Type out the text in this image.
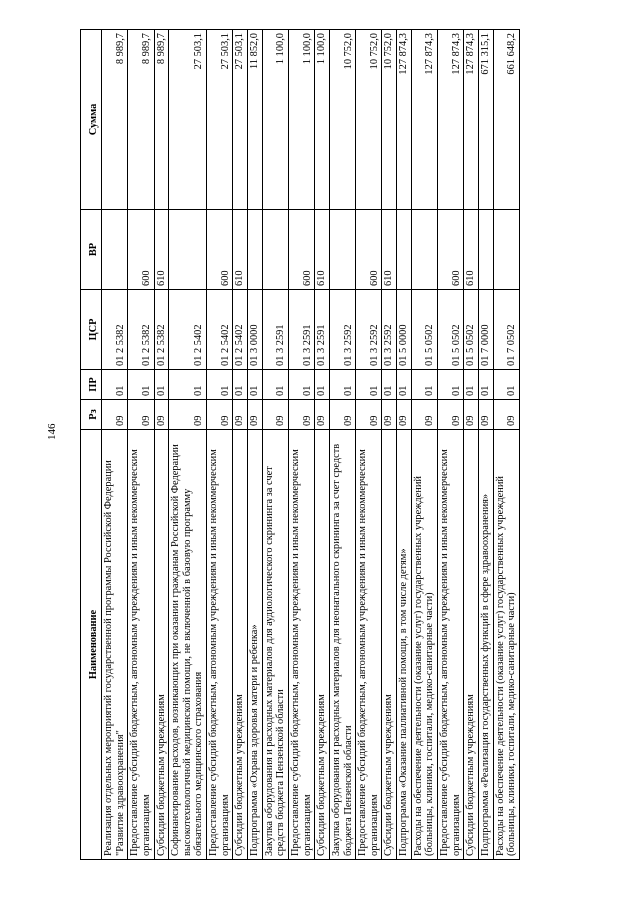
146
Наименование	Рз	ПР	ЦСР	ВР	Сумма
Реализация отдельных мероприятий государственной программы Российской Федерации "Развитие здравоохранения"	09	01	01 2 5382		8 989,7
Предоставление субсидий бюджетным, автономным учреждениям и иным некоммерческим организациям	09	01	01 2 5382	600	8 989,7
Субсидии бюджетным учреждениям	09	01	01 2 5382	610	8 989,7
Софинансирование расходов, возникающих при оказании гражданам Российской Федерации высокотехнологичной медицинской помощи, не включенной в базовую программу обязательного медицинского страхования	09	01	01 2 5402		27 503,1
Предоставление субсидий бюджетным, автономным учреждениям и иным некоммерческим организациям	09	01	01 2 5402	600	27 503,1
Субсидии бюджетным учреждениям	09	01	01 2 5402	610	27 503,1
Подпрограмма «Охрана здоровья матери и ребенка»	09	01	01 3 0000		11 852,0
Закупка оборудования и расходных материалов для аудиологического скрининга за счет средств бюджета Пензенской области	09	01	01 3 2591		1 100,0
Предоставление субсидий бюджетным, автономным учреждениям и иным некоммерческим организациям	09	01	01 3 2591	600	1 100,0
Субсидии бюджетным учреждениям	09	01	01 3 2591	610	1 100,0
Закупка оборудования и расходных материалов для неонатального скрининга за счет средств бюджета Пензенской области	09	01	01 3 2592		10 752,0
Предоставление субсидий бюджетным, автономным учреждениям и иным некоммерческим организациям	09	01	01 3 2592	600	10 752,0
Субсидии бюджетным учреждениям	09	01	01 3 2592	610	10 752,0
Подпрограмма «Оказание паллиативной помощи, в том числе детям»	09	01	01 5 0000		127 874,3
Расходы на обеспечение деятельности (оказание услуг) государственных учреждений (больницы, клиники, госпитали, медико-санитарные части)	09	01	01 5 0502		127 874,3
Предоставление субсидий бюджетным, автономным учреждениям и иным некоммерческим организациям	09	01	01 5 0502	600	127 874,3
Субсидии бюджетным учреждениям	09	01	01 5 0502	610	127 874,3
Подпрограмма «Реализация государственных функций в сфере здравоохранения»	09	01	01 7 0000		671 315,1
Расходы на обеспечение деятельности (оказание услуг) государственных учреждений (больницы, клиники, госпитали, медико-санитарные части)	09	01	01 7 0502		661 648,2
